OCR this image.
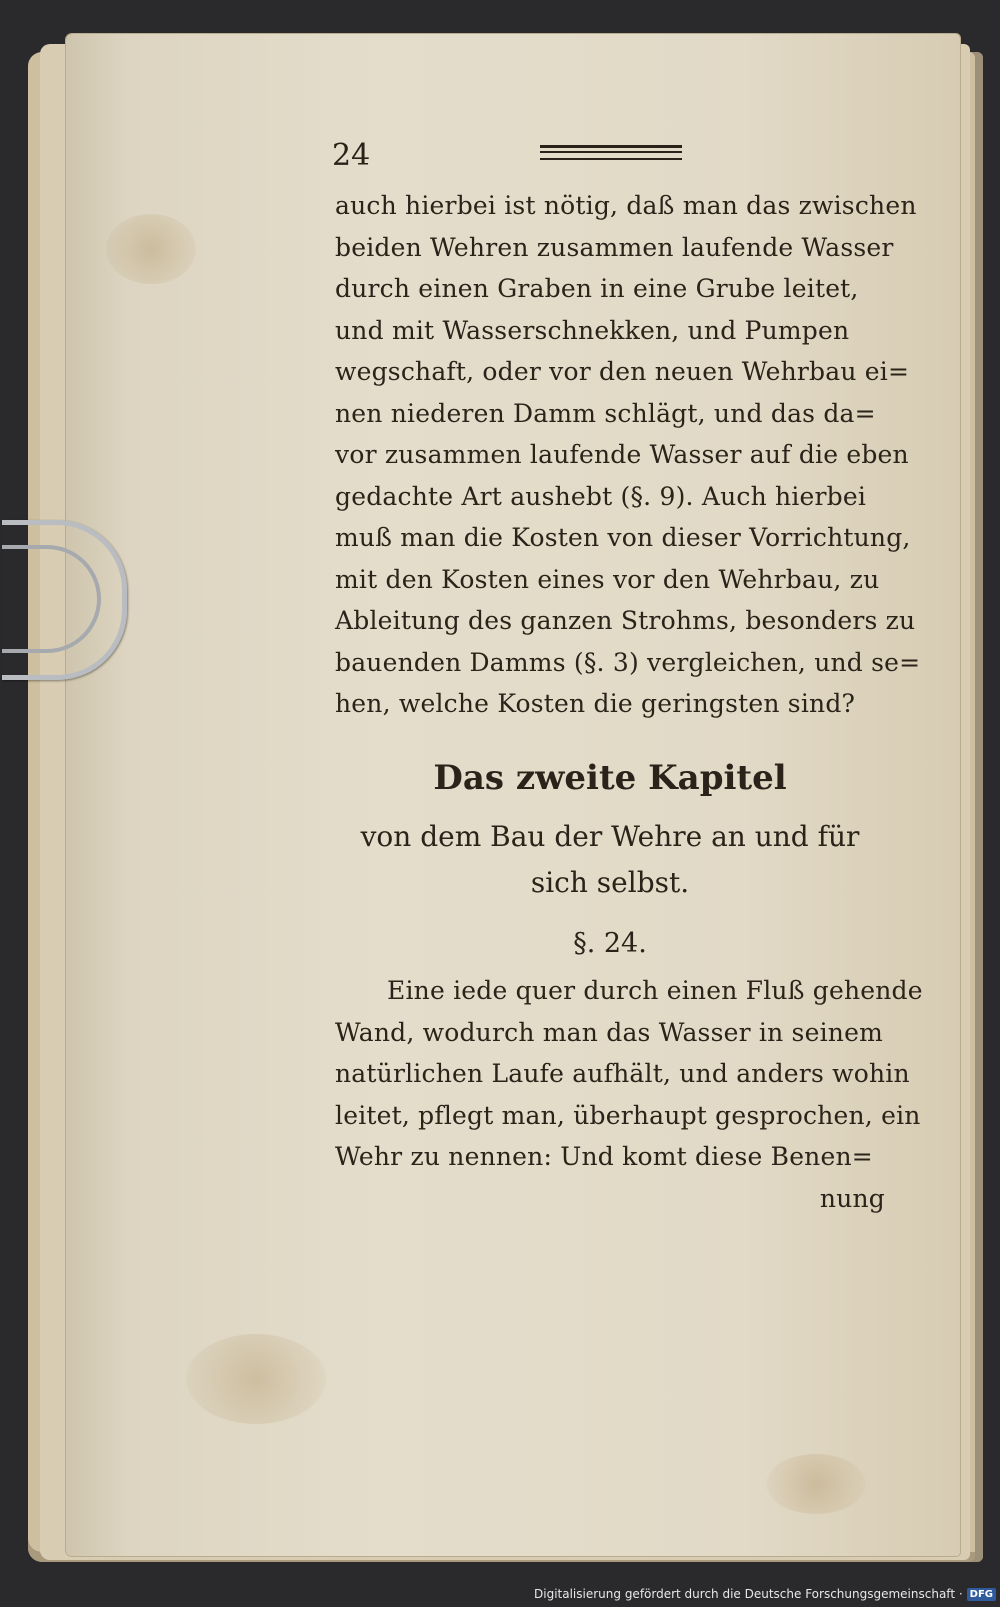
24
auch hierbei ist nötig, daß man das zwischen
beiden Wehren zusammen laufende Wasser
durch einen Graben in eine Grube leitet,
und mit Wasserschnekken, und Pumpen
wegschaft, oder vor den neuen Wehrbau ei=
nen niederen Damm schlägt, und das da=
vor zusammen laufende Wasser auf die eben
gedachte Art aushebt (§. 9). Auch hierbei
muß man die Kosten von dieser Vorrichtung,
mit den Kosten eines vor den Wehrbau, zu
Ableitung des ganzen Strohms, besonders zu
bauenden Damms (§. 3) vergleichen, und se=
hen, welche Kosten die geringsten sind?
Das zweite Kapitel
von dem Bau der Wehre an und für
sich selbst.
§. 24.
Eine iede quer durch einen Fluß gehende
Wand, wodurch man das Wasser in seinem
natürlichen Laufe aufhält, und anders wohin
leitet, pflegt man, überhaupt gesprochen, ein
Wehr zu nennen: Und komt diese Benen=
nung
Digitalisierung gefördert durch die Deutsche Forschungsgemeinschaft · DFG
